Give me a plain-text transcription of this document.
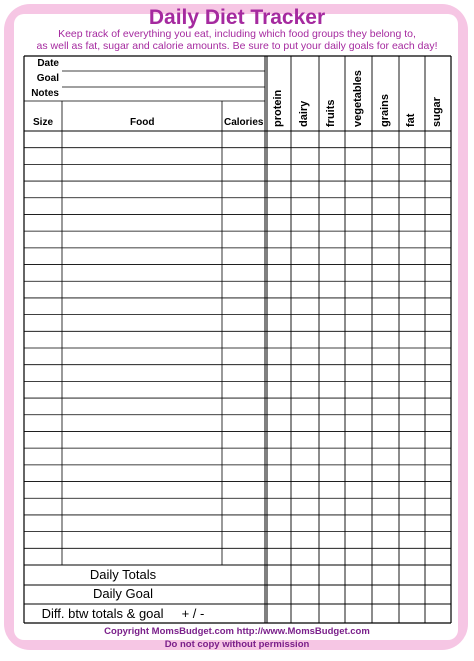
Daily Diet Tracker
Keep track of everything you eat, including which food groups they belong to,
as well as fat, sugar and calorie amounts. Be sure to put your daily goals for each day!
Date
Goal
Notes
Size	Food	Calories protein dairy fruits vegetables grains fat sugar
Daily Totals
Daily Goal
Diff. btw totals & goal     + / -
Copyright MomsBudget.com http://www.MomsBudget.com
Do not copy without permission
